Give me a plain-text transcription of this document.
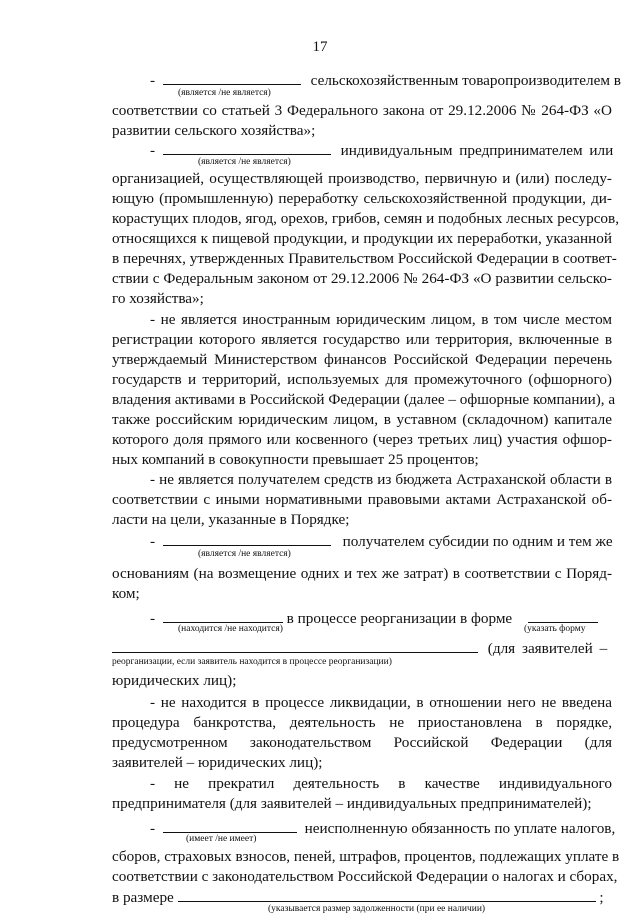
17
-	сельскохозяйственным товаропроизводителем в
(является /не является)
соответствии со статьей 3 Федерального закона от 29.12.2006 № 264-ФЗ «О
развитии сельского хозяйства»;
-	индивидуальным предпринимателем или
(является /не является)
организацией, осуществляющей производство, первичную и (или) последу-
ющую (промышленную) переработку сельскохозяйственной продукции, ди-
корастущих плодов, ягод, орехов, грибов, семян и подобных лесных ресурсов,
относящихся к пищевой продукции, и продукции их переработки, указанной
в перечнях, утвержденных Правительством Российской Федерации в соответ-
ствии с Федеральным законом от 29.12.2006 № 264-ФЗ «О развитии сельско-
го хозяйства»;
- не является иностранным юридическим лицом, в том числе местом
регистрации которого является государство или территория, включенные в
утверждаемый Министерством финансов Российской Федерации перечень
государств и территорий, используемых для промежуточного (офшорного)
владения активами в Российской Федерации (далее – офшорные компании), а
также российским юридическим лицом, в уставном (складочном) капитале
которого доля прямого или косвенного (через третьих лиц) участия офшор-
ных компаний в совокупности превышает 25 процентов;
- не является получателем средств из бюджета Астраханской области в
соответствии с иными нормативными правовыми актами Астраханской об-
ласти на цели, указанные в Порядке;
-	получателем субсидии по одним и тем же
(является /не является)
основаниям (на возмещение одних и тех же затрат) в соответствии с Поряд-
ком;
-	в процессе реорганизации в форме
(находится /не находится)	(указать форму
(для заявителей –
реорганизации, если заявитель находится в процессе реорганизации)
юридических лиц);
- не находится в процессе ликвидации, в отношении него не введена
процедура банкротства, деятельность не приостановлена в порядке,
предусмотренном законодательством Российской Федерации (для
заявителей – юридических лиц);
- не прекратил деятельность в качестве индивидуального
предпринимателя (для заявителей – индивидуальных предпринимателей);
-	неисполненную обязанность по уплате налогов,
(имеет /не имеет)
сборов, страховых взносов, пеней, штрафов, процентов, подлежащих уплате в
соответствии с законодательством Российской Федерации о налогах и сборах,
в размере	;
(указывается размер задолженности (при ее наличии)
